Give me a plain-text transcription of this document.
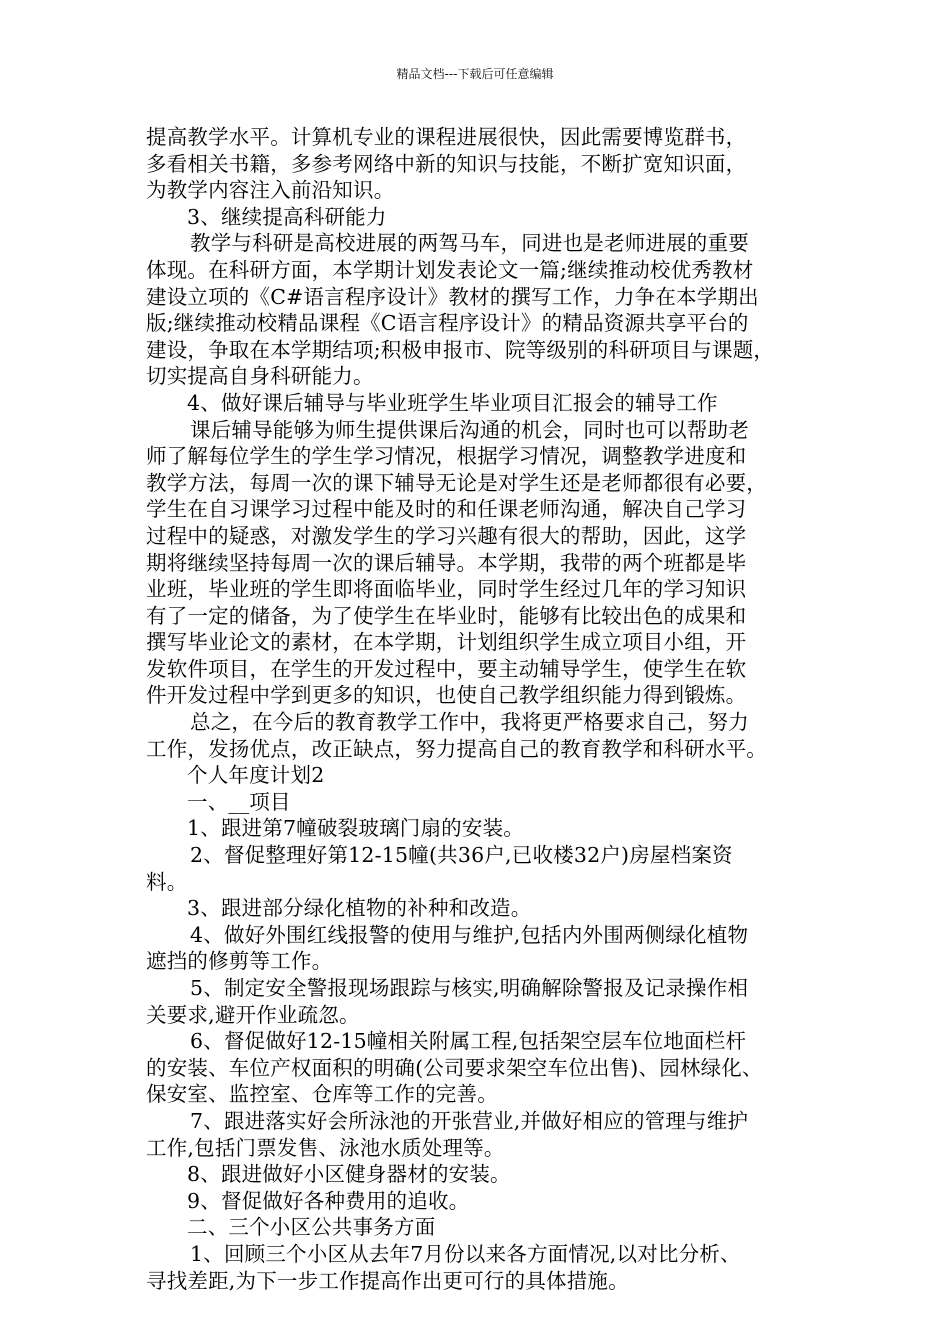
精品文档---下载后可任意编辑
提高教学水平。计算机专业的课程进展很快，因此需要博览群书，
多看相关书籍，多参考网络中新的知识与技能，不断扩宽知识面，
为教学内容注入前沿知识。
3、继续提高科研能力
教学与科研是高校进展的两驾马车，同进也是老师进展的重要
体现。在科研方面，本学期计划发表论文一篇;继续推动校优秀教材
建设立项的《C#语言程序设计》教材的撰写工作，力争在本学期出
版;继续推动校精品课程《C语言程序设计》的精品资源共享平台的
建设，争取在本学期结项;积极申报市、院等级别的科研项目与课题，
切实提高自身科研能力。
4、做好课后辅导与毕业班学生毕业项目汇报会的辅导工作
课后辅导能够为师生提供课后沟通的机会，同时也可以帮助老
师了解每位学生的学生学习情况，根据学习情况，调整教学进度和
教学方法，每周一次的课下辅导无论是对学生还是老师都很有必要，
学生在自习课学习过程中能及时的和任课老师沟通，解决自己学习
过程中的疑惑，对激发学生的学习兴趣有很大的帮助，因此，这学
期将继续坚持每周一次的课后辅导。本学期，我带的两个班都是毕
业班，毕业班的学生即将面临毕业，同时学生经过几年的学习知识
有了一定的储备，为了使学生在毕业时，能够有比较出色的成果和
撰写毕业论文的素材，在本学期，计划组织学生成立项目小组，开
发软件项目，在学生的开发过程中，要主动辅导学生，使学生在软
件开发过程中学到更多的知识，也使自己教学组织能力得到锻炼。
总之，在今后的教育教学工作中，我将更严格要求自己，努力
工作，发扬优点，改正缺点，努力提高自己的教育教学和科研水平。
个人年度计划2
一、__项目
1、跟进第7幢破裂玻璃门扇的安装。
2、督促整理好第12-15幢(共36户,已收楼32户)房屋档案资
料。
3、跟进部分绿化植物的补种和改造。
4、做好外围红线报警的使用与维护,包括内外围两侧绿化植物
遮挡的修剪等工作。
5、制定安全警报现场跟踪与核实,明确解除警报及记录操作相
关要求,避开作业疏忽。
6、督促做好12-15幢相关附属工程,包括架空层车位地面栏杆
的安装、车位产权面积的明确(公司要求架空车位出售)、园林绿化、
保安室、监控室、仓库等工作的完善。
7、跟进落实好会所泳池的开张营业,并做好相应的管理与维护
工作,包括门票发售、泳池水质处理等。
8、跟进做好小区健身器材的安装。
9、督促做好各种费用的追收。
二、三个小区公共事务方面
1、回顾三个小区从去年7月份以来各方面情况,以对比分析、
寻找差距,为下一步工作提高作出更可行的具体措施。
